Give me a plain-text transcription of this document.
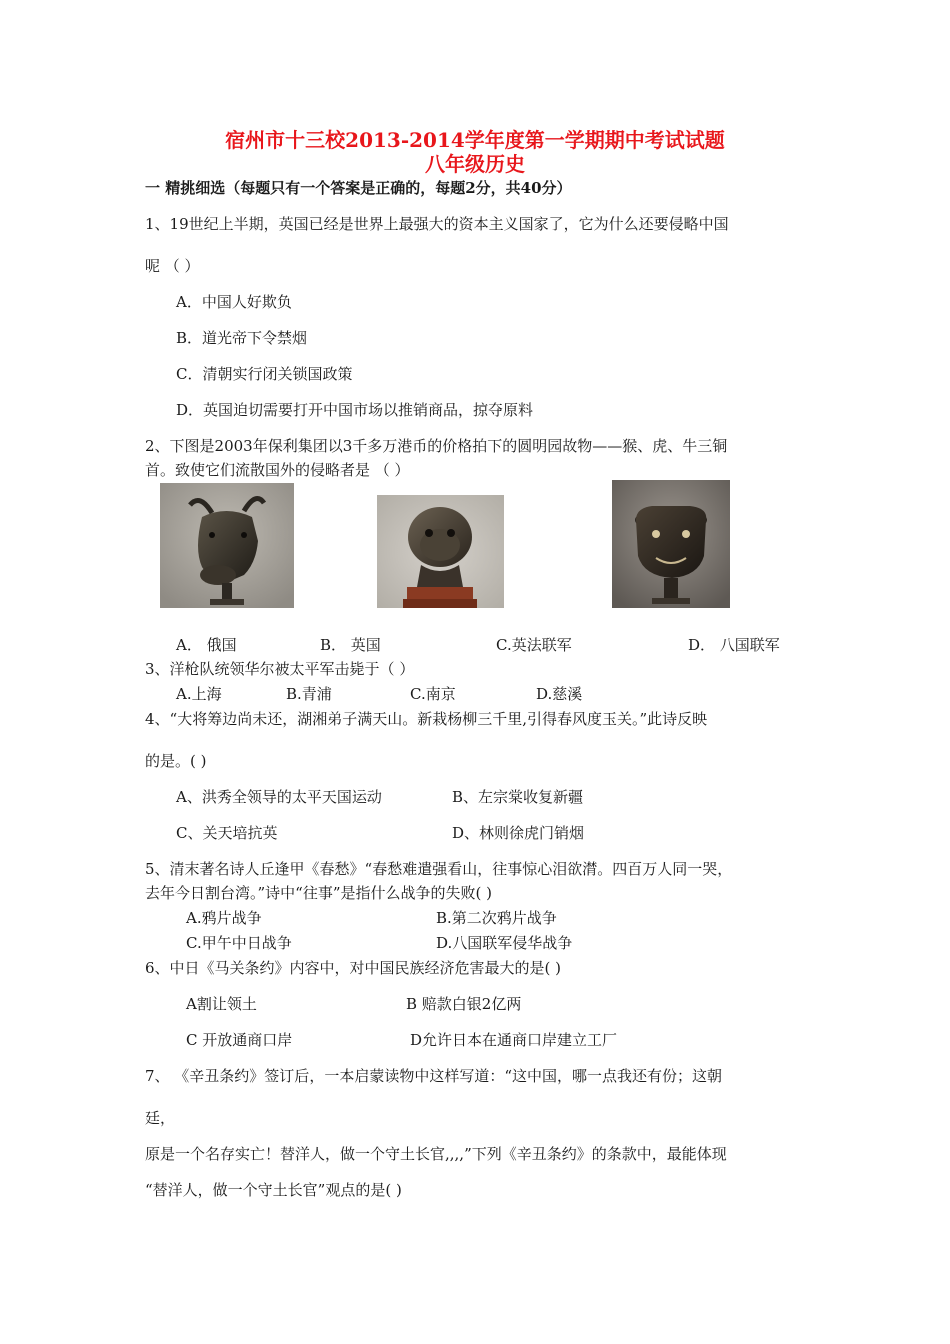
宿州市十三校2013-2014学年度第一学期期中考试试题
八年级历史
一 精挑细选（每题只有一个答案是正确的，每题2分，共40分）
1、19世纪上半期，英国已经是世界上最强大的资本主义国家了，它为什么还要侵略中国
呢 （ ）
A．中国人好欺负
B．道光帝下令禁烟
C．清朝实行闭关锁国政策
D．英国迫切需要打开中国市场以推销商品，掠夺原料
2、下图是2003年保利集团以3千多万港币的价格拍下的圆明园故物——猴、虎、牛三铜
首。致使它们流散国外的侵略者是 （ ）
A． 俄国	B． 英国	C.英法联军	D． 八国联军
3、洋枪队统领华尔被太平军击毙于（ ）
A.上海	B.青浦	C.南京	D.慈溪
4、“大将筹边尚未还，湖湘弟子满天山。新栽杨柳三千里,引得春风度玉关。”此诗反映
的是。( )
A、洪秀全领导的太平天国运动	B、左宗棠收复新疆
C、关天培抗英	D、林则徐虎门销烟
5、清末著名诗人丘逢甲《春愁》“春愁难遣强看山，往事惊心泪欲潸。四百万人同一哭，
去年今日割台湾。”诗中“往事”是指什么战争的失败( )
A.鸦片战争	B.第二次鸦片战争
C.甲午中日战争	D.八国联军侵华战争
6、中日《马关条约》内容中，对中国民族经济危害最大的是( )
A割让领土	B 赔款白银2亿两
C 开放通商口岸	D允许日本在通商口岸建立工厂
7、 《辛丑条约》签订后，一本启蒙读物中这样写道：“这中国，哪一点我还有份；这朝
廷，
原是一个名存实亡！替洋人，做一个守土长官,,,,”下列《辛丑条约》的条款中，最能体现
“替洋人，做一个守土长官”观点的是( )
